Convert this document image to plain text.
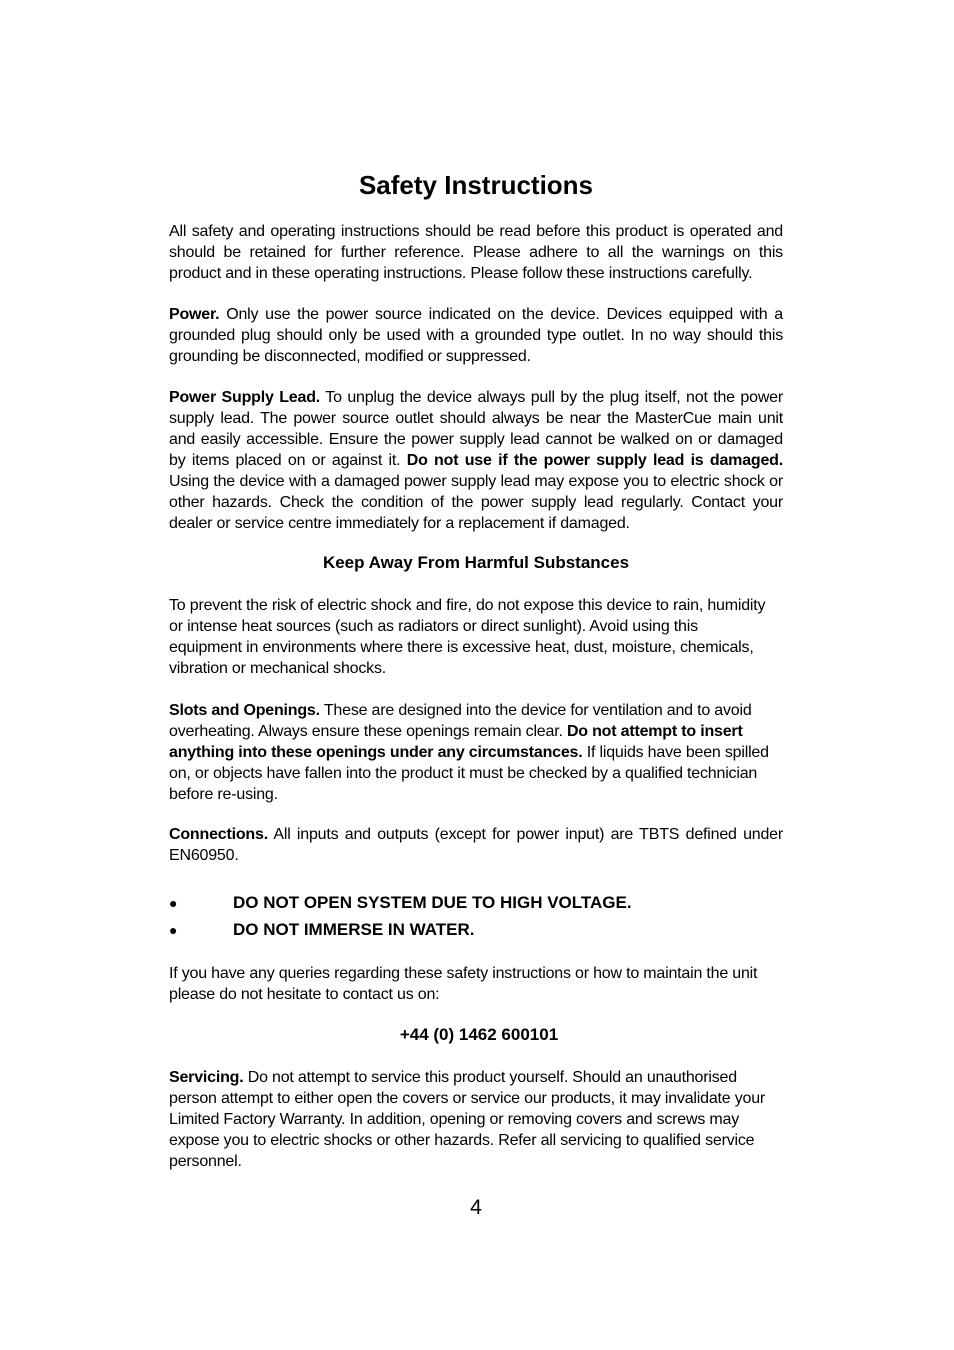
Safety Instructions

All safety and operating instructions should be read before this product is operated and should be retained for further reference. Please adhere to all the warnings on this product and in these operating instructions. Please follow these instructions carefully.

Power. Only use the power source indicated on the device. Devices equipped with a grounded plug should only be used with a grounded type outlet. In no way should this grounding be disconnected, modified or suppressed.

Power Supply Lead. To unplug the device always pull by the plug itself, not the power supply lead. The power source outlet should always be near the MasterCue main unit and easily accessible. Ensure the power supply lead cannot be walked on or damaged by items placed on or against it. Do not use if the power supply lead is damaged. Using the device with a damaged power supply lead may expose you to electric shock or other hazards. Check the condition of the power supply lead regularly. Contact your dealer or service centre immediately for a replacement if damaged.

Keep Away From Harmful Substances

To prevent the risk of electric shock and fire, do not expose this device to rain, humidity or intense heat sources (such as radiators or direct sunlight). Avoid using this equipment in environments where there is excessive heat, dust, moisture, chemicals, vibration or mechanical shocks.

Slots and Openings. These are designed into the device for ventilation and to avoid overheating. Always ensure these openings remain clear. Do not attempt to insert anything into these openings under any circumstances. If liquids have been spilled on, or objects have fallen into the product it must be checked by a qualified technician before re-using.

Connections. All inputs and outputs (except for power input) are TBTS defined under EN60950.

●	DO NOT OPEN SYSTEM DUE TO HIGH VOLTAGE.
●	DO NOT IMMERSE IN WATER.

If you have any queries regarding these safety instructions or how to maintain the unit please do not hesitate to contact us on:

+44 (0) 1462 600101

Servicing. Do not attempt to service this product yourself. Should an unauthorised person attempt to either open the covers or service our products, it may invalidate your Limited Factory Warranty. In addition, opening or removing covers and screws may expose you to electric shocks or other hazards. Refer all servicing to qualified service personnel.

4
